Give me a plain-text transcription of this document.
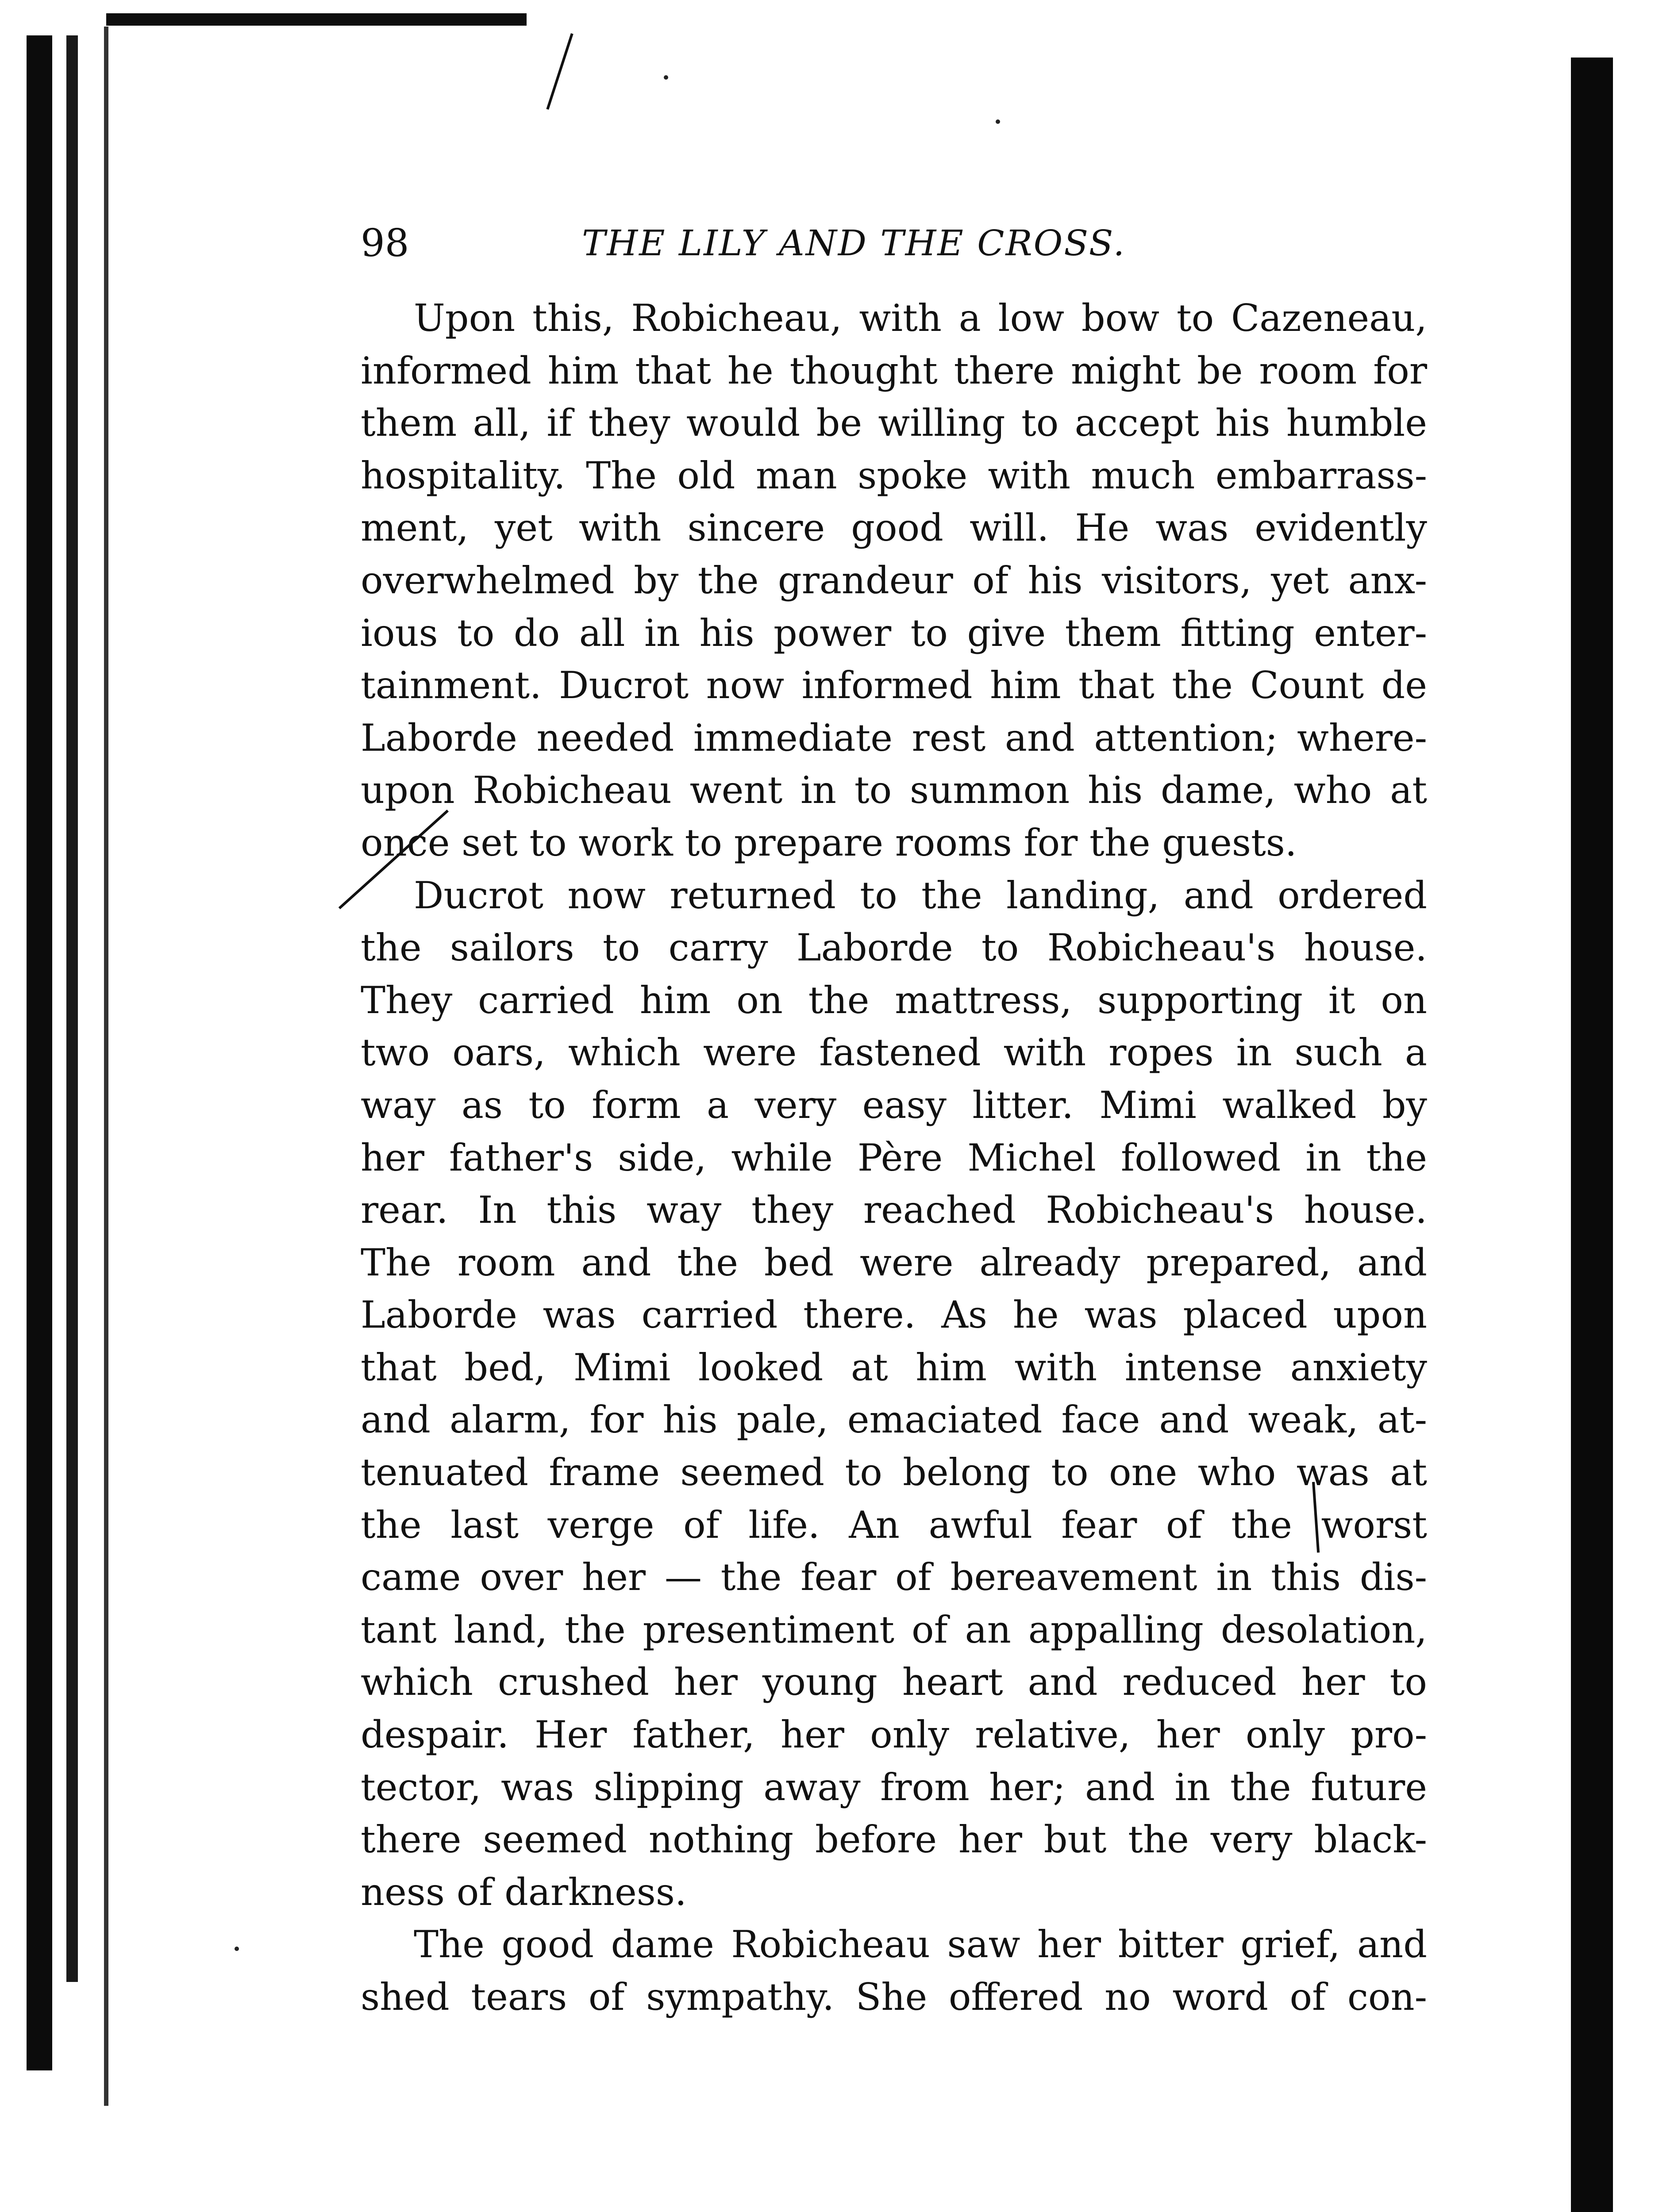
98	THE LILY AND THE CROSS.
Upon this, Robicheau, with a low bow to Cazeneau,
informed him that he thought there might be room for
them all, if they would be willing to accept his humble
hospitality. The old man spoke with much embarrass-
ment, yet with sincere good will. He was evidently
overwhelmed by the grandeur of his visitors, yet anx-
ious to do all in his power to give them fitting enter-
tainment. Ducrot now informed him that the Count de
Laborde needed immediate rest and attention; where-
upon Robicheau went in to summon his dame, who at
once set to work to prepare rooms for the guests.
Ducrot now returned to the landing, and ordered
the sailors to carry Laborde to Robicheau's house.
They carried him on the mattress, supporting it on
two oars, which were fastened with ropes in such a
way as to form a very easy litter. Mimi walked by
her father's side, while Père Michel followed in the
rear. In this way they reached Robicheau's house.
The room and the bed were already prepared, and
Laborde was carried there. As he was placed upon
that bed, Mimi looked at him with intense anxiety
and alarm, for his pale, emaciated face and weak, at-
tenuated frame seemed to belong to one who was at
the last verge of life. An awful fear of the worst
came over her — the fear of bereavement in this dis-
tant land, the presentiment of an appalling desolation,
which crushed her young heart and reduced her to
despair. Her father, her only relative, her only pro-
tector, was slipping away from her; and in the future
there seemed nothing before her but the very black-
ness of darkness.
The good dame Robicheau saw her bitter grief, and
shed tears of sympathy. She offered no word of con-
